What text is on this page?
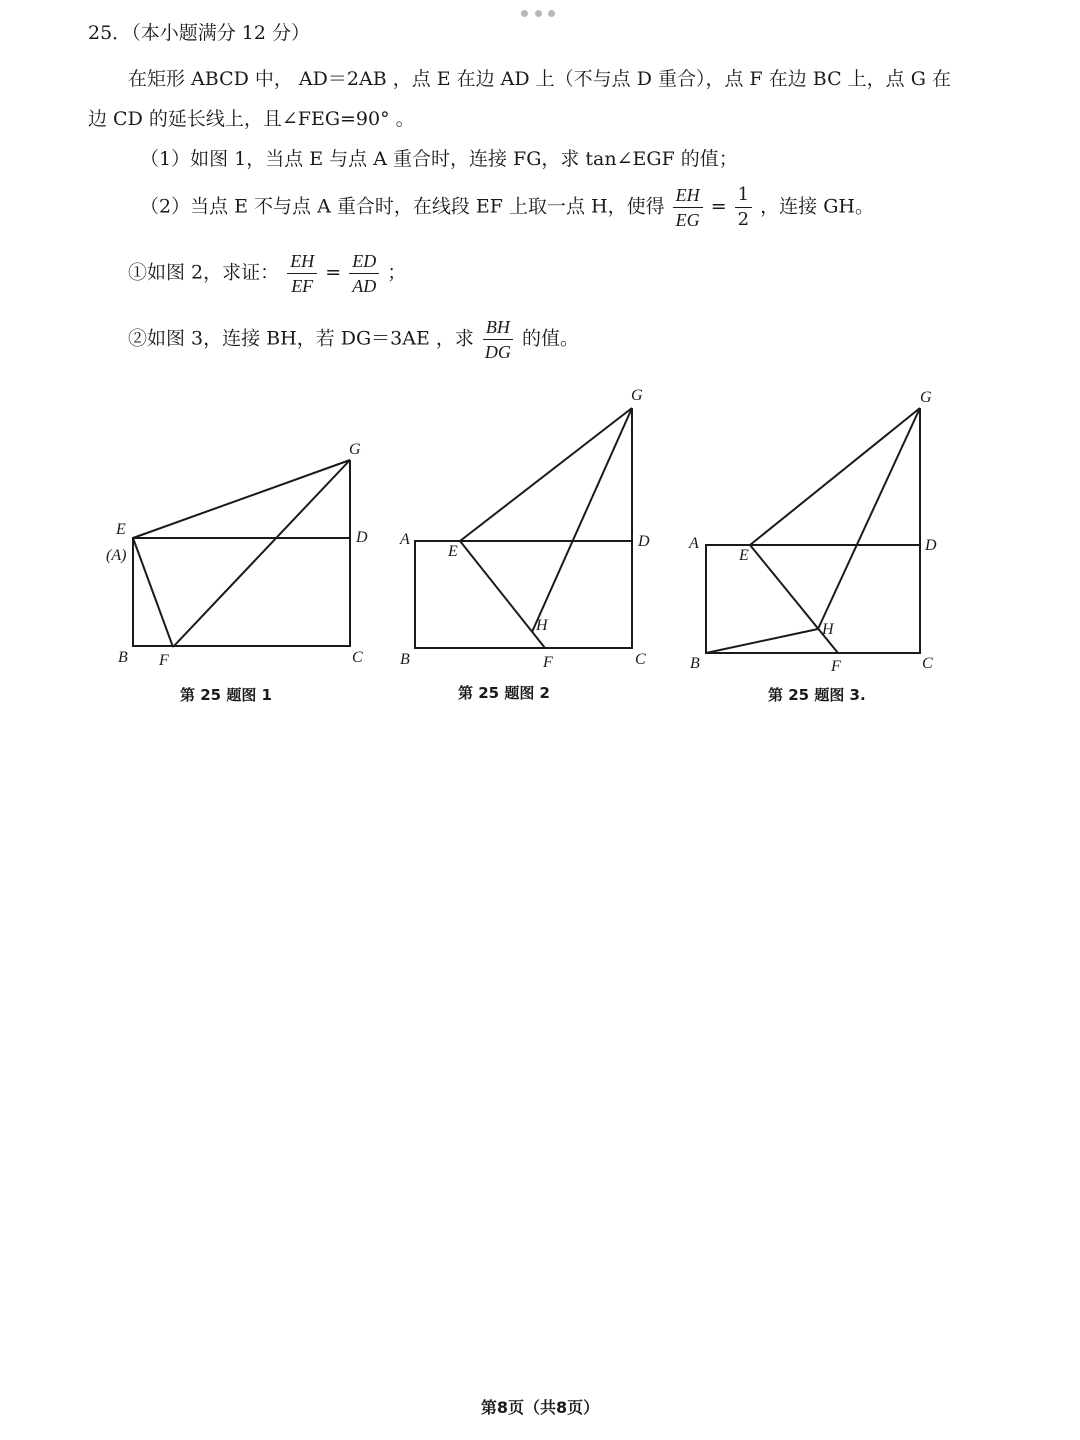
25．（本小题满分 12 分）
在矩形 ABCD 中， AD＝2AB ，点 E 在边 AD 上（不与点 D 重合），点 F 在边 BC 上，点 G 在
边 CD 的延长线上，且∠FEG=90° 。
（1）如图 1，当点 E 与点 A 重合时，连接 FG，求 tan∠EGF 的值；
（2）当点 E 不与点 A 重合时，在线段 EF 上取一点 H，使得 $\frac{EH}{EG} = \frac{1}{2}$ ，连接 GH。
①如图 2，求证： $\frac{EH}{EF} = \frac{ED}{AD}$ ；
②如图 3，连接 BH，若 DG＝3AE ，求 $\frac{BH}{DG}$ 的值。
E
(A)
D
G
B F	C
第 25 题图 1
A
E
D
G
H
B	F	C
第 25 题图 2
A
E
D
G
H
B	F	C
第 25 题图 3.
第8页（共8页）
